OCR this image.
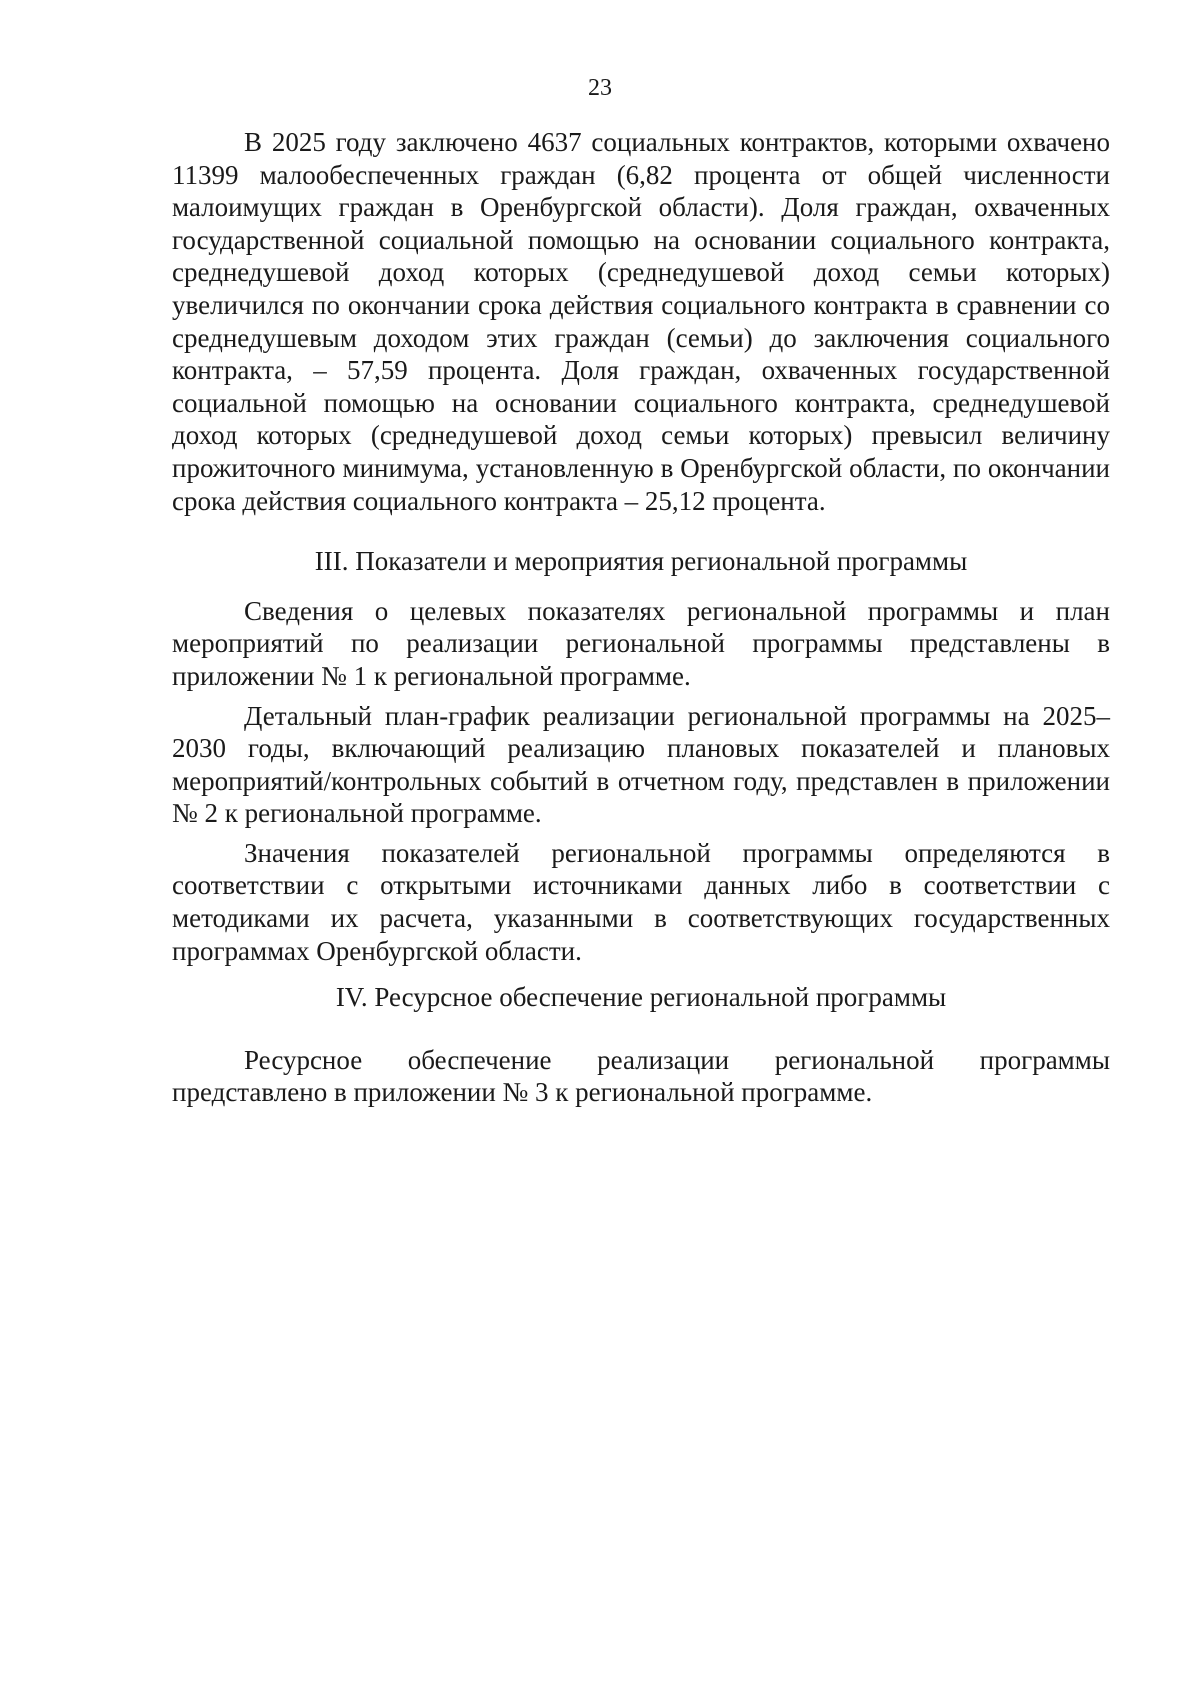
23

В 2025 году заключено 4637 социальных контрактов, которыми охвачено 11399 малообеспеченных граждан (6,82 процента от общей численности малоимущих граждан в Оренбургской области). Доля граждан, охваченных государственной социальной помощью на основании социального контракта, среднедушевой доход которых (среднедушевой доход семьи которых) увеличился по окончании срока действия социального контракта в сравнении со среднедушевым доходом этих граждан (семьи) до заключения социального контракта, – 57,59 процента. Доля граждан, охваченных государственной социальной помощью на основании социального контракта, среднедушевой доход которых (среднедушевой доход семьи которых) превысил величину прожиточного минимума, установленную в Оренбургской области, по окончании срока действия социального контракта – 25,12 процента.

III. Показатели и мероприятия региональной программы

Сведения о целевых показателях региональной программы и план мероприятий по реализации региональной программы представлены в приложении № 1 к региональной программе.

Детальный план-график реализации региональной программы на 2025–2030 годы, включающий реализацию плановых показателей и плановых мероприятий/контрольных событий в отчетном году, представлен в приложении № 2 к региональной программе.

Значения показателей региональной программы определяются в соответствии с открытыми источниками данных либо в соответствии с методиками их расчета, указанными в соответствующих государственных программах Оренбургской области.

IV. Ресурсное обеспечение региональной программы

Ресурсное обеспечение реализации региональной программы представлено в приложении № 3 к региональной программе.
